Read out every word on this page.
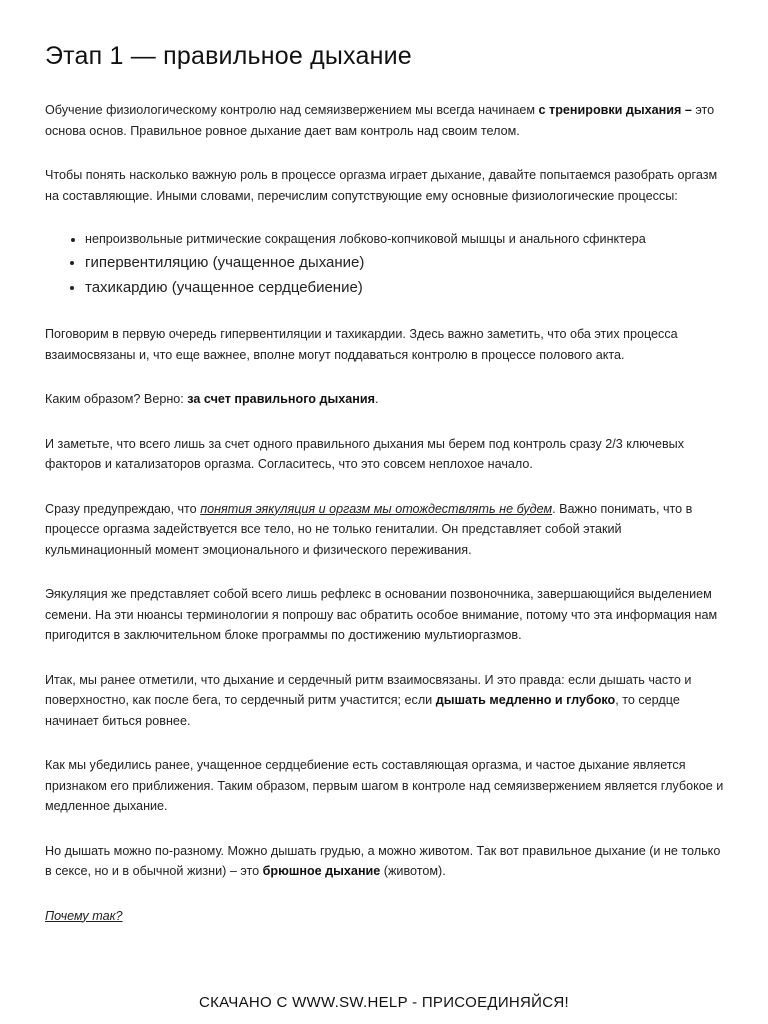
Этап 1 — правильное дыхание

Обучение физиологическому контролю над семяизвержением мы всегда начинаем с тренировки дыхания – это основа основ. Правильное ровное дыхание дает вам контроль над своим телом.

Чтобы понять насколько важную роль в процессе оргазма играет дыхание, давайте попытаемся разобрать оргазм на составляющие. Иными словами, перечислим сопутствующие ему основные физиологические процессы:

• непроизвольные ритмические сокращения лобково-копчиковой мышцы и анального сфинктера
• гипервентиляцию (учащенное дыхание)
• тахикардию (учащенное сердцебиение)

Поговорим в первую очередь гипервентиляции и тахикардии. Здесь важно заметить, что оба этих процесса взаимосвязаны и, что еще важнее, вполне могут поддаваться контролю в процессе полового акта.

Каким образом? Верно: за счет правильного дыхания.

И заметьте, что всего лишь за счет одного правильного дыхания мы берем под контроль сразу 2/3 ключевых факторов и катализаторов оргазма. Согласитесь, что это совсем неплохое начало.

Сразу предупреждаю, что понятия эякуляция и оргазм мы отождествлять не будем. Важно понимать, что в процессе оргазма задействуется все тело, но не только гениталии. Он представляет собой этакий кульминационный момент эмоционального и физического переживания.

Эякуляция же представляет собой всего лишь рефлекс в основании позвоночника, завершающийся выделением семени. На эти нюансы терминологии я попрошу вас обратить особое внимание, потому что эта информация нам пригодится в заключительном блоке программы по достижению мультиоргазмов.

Итак, мы ранее отметили, что дыхание и сердечный ритм взаимосвязаны. И это правда: если дышать часто и поверхностно, как после бега, то сердечный ритм участится; если дышать медленно и глубоко, то сердце начинает биться ровнее.

Как мы убедились ранее, учащенное сердцебиение есть составляющая оргазма, и частое дыхание является признаком его приближения. Таким образом, первым шагом в контроле над семяизвержением является глубокое и медленное дыхание.

Но дышать можно по-разному. Можно дышать грудью, а можно животом. Так вот правильное дыхание (и не только в сексе, но и в обычной жизни) – это брюшное дыхание (животом).

Почему так?

СКАЧАНО С WWW.SW.HELP - ПРИСОЕДИНЯЙСЯ!
